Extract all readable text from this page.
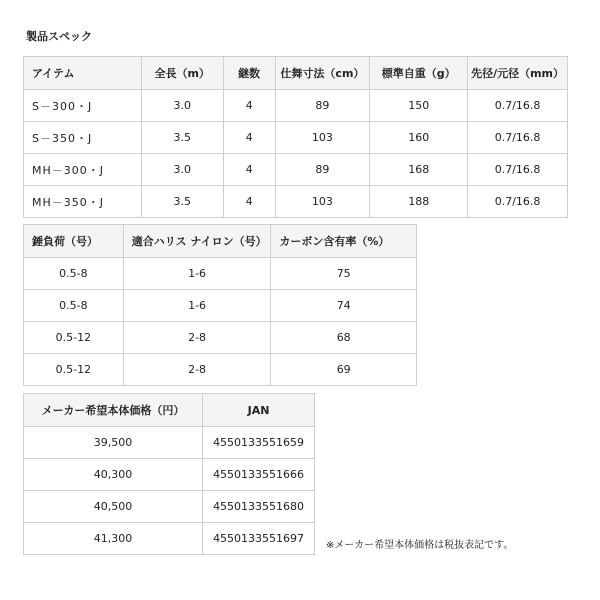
製品スペック
アイテム	全長（m）	継数	仕舞寸法（cm）	標準自重（g）	先径/元径（mm）
S－300・J	3.0	4	89	150	0.7/16.8
S－350・J	3.5	4	103	160	0.7/16.8
MH－300・J	3.0	4	89	168	0.7/16.8
MH－350・J	3.5	4	103	188	0.7/16.8
錘負荷（号）	適合ハリス ナイロン（号）	カーボン含有率（%）
0.5-8	1-6	75
0.5-8	1-6	74
0.5-12	2-8	68
0.5-12	2-8	69
メーカー希望本体価格（円）	JAN
39,500	4550133551659
40,300	4550133551666
40,500	4550133551680
41,300	4550133551697
※メーカー希望本体価格は税抜表記です。
